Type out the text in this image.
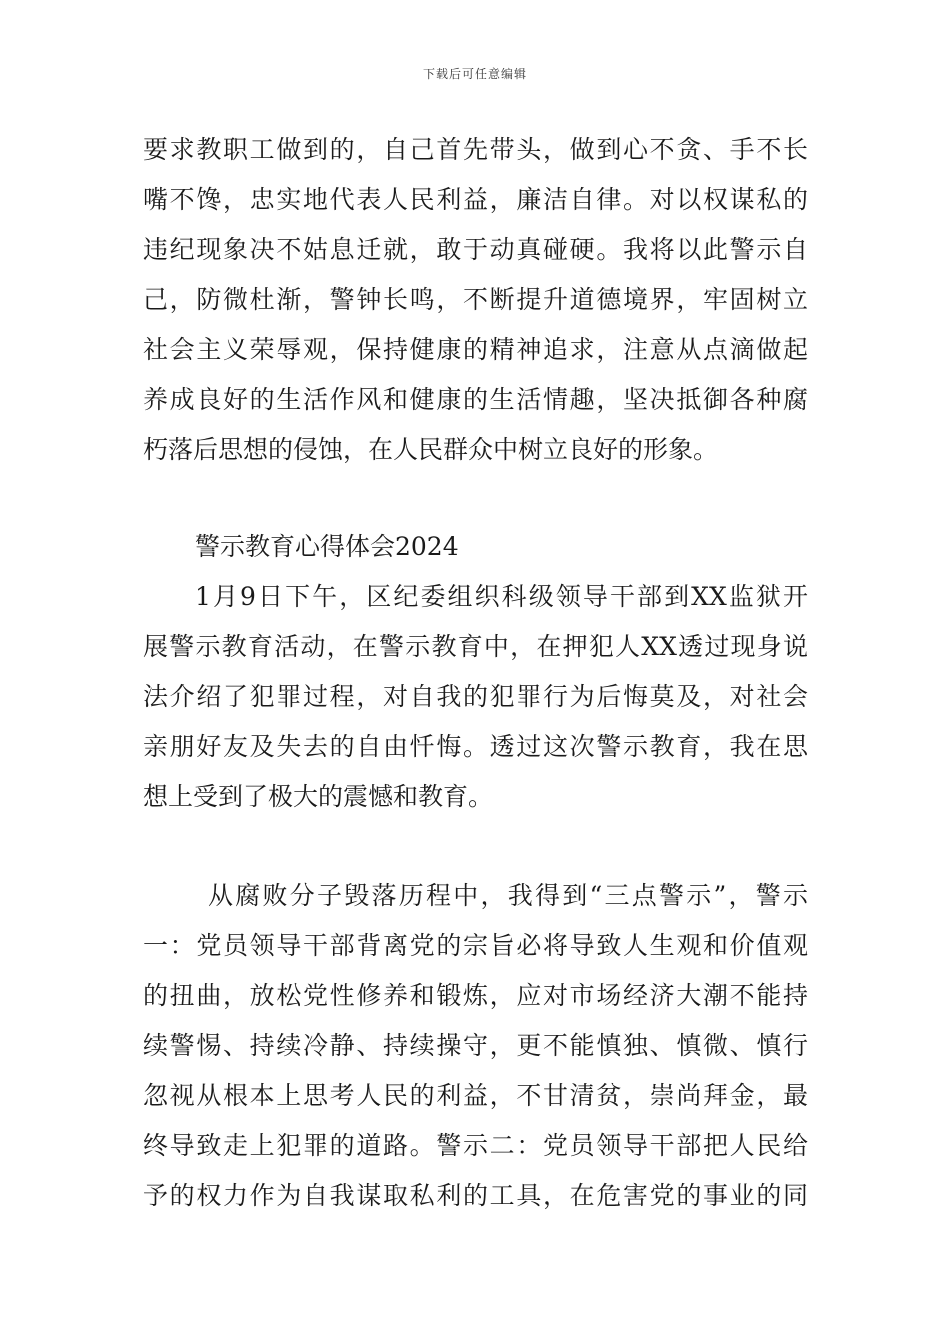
下载后可任意编辑
要求教职工做到的，自己首先带头，做到心不贪、手不长
嘴不馋，忠实地代表人民利益，廉洁自律。对以权谋私的
违纪现象决不姑息迁就，敢于动真碰硬。我将以此警示自
己，防微杜渐，警钟长鸣，不断提升道德境界，牢固树立
社会主义荣辱观，保持健康的精神追求，注意从点滴做起
养成良好的生活作风和健康的生活情趣，坚决抵御各种腐
朽落后思想的侵蚀，在人民群众中树立良好的形象。
警示教育心得体会2024
1月9日下午，区纪委组织科级领导干部到XX监狱开
展警示教育活动，在警示教育中，在押犯人XX透过现身说
法介绍了犯罪过程，对自我的犯罪行为后悔莫及，对社会
亲朋好友及失去的自由忏悔。透过这次警示教育，我在思
想上受到了极大的震憾和教育。
从腐败分子毁落历程中，我得到“三点警示”，警示
一：党员领导干部背离党的宗旨必将导致人生观和价值观
的扭曲，放松党性修养和锻炼，应对市场经济大潮不能持
续警惕、持续冷静、持续操守，更不能慎独、慎微、慎行
忽视从根本上思考人民的利益，不甘清贫，崇尚拜金，最
终导致走上犯罪的道路。警示二：党员领导干部把人民给
予的权力作为自我谋取私利的工具，在危害党的事业的同
